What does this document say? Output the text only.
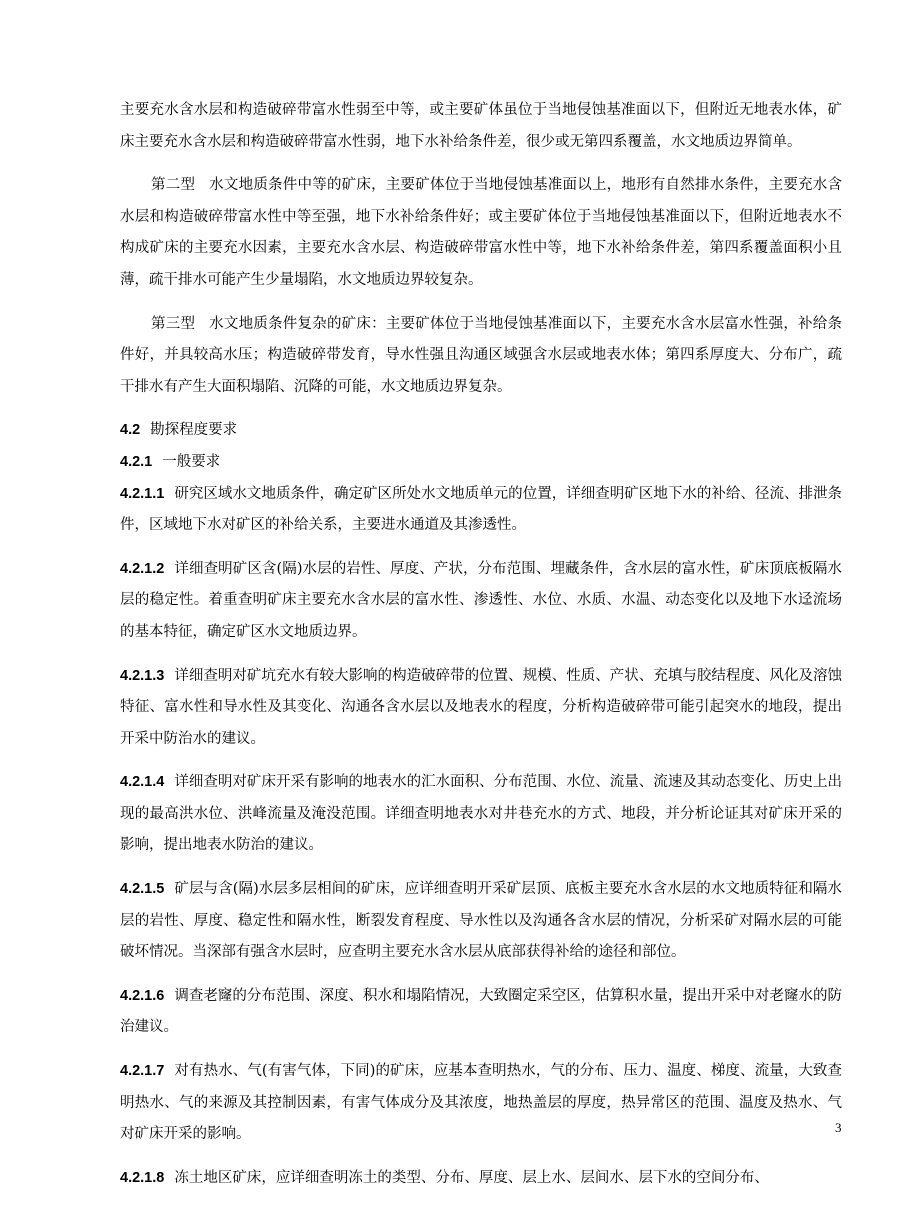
主要充水含水层和构造破碎带富水性弱至中等，或主要矿体虽位于当地侵蚀基准面以下，但附近无地表水体，矿床主要充水含水层和构造破碎带富水性弱，地下水补给条件差，很少或无第四系覆盖，水文地质边界简单。

第二型 水文地质条件中等的矿床，主要矿体位于当地侵蚀基准面以上，地形有自然排水条件，主要充水含水层和构造破碎带富水性中等至强，地下水补给条件好；或主要矿体位于当地侵蚀基准面以下，但附近地表水不构成矿床的主要充水因素，主要充水含水层、构造破碎带富水性中等，地下水补给条件差，第四系覆盖面积小且薄，疏干排水可能产生少量塌陷，水文地质边界较复杂。

第三型 水文地质条件复杂的矿床：主要矿体位于当地侵蚀基准面以下，主要充水含水层富水性强，补给条件好，并具较高水压；构造破碎带发育，导水性强且沟通区域强含水层或地表水体；第四系厚度大、分布广，疏干排水有产生大面积塌陷、沉降的可能，水文地质边界复杂。

4.2 勘探程度要求

4.2.1 一般要求

4.2.1.1 研究区域水文地质条件，确定矿区所处水文地质单元的位置，详细查明矿区地下水的补给、径流、排泄条件，区域地下水对矿区的补给关系，主要进水通道及其渗透性。

4.2.1.2 详细查明矿区含(隔)水层的岩性、厚度、产状，分布范围、埋藏条件，含水层的富水性，矿床顶底板隔水层的稳定性。着重查明矿床主要充水含水层的富水性、渗透性、水位、水质、水温、动态变化以及地下水迳流场的基本特征，确定矿区水文地质边界。

4.2.1.3 详细查明对矿坑充水有较大影响的构造破碎带的位置、规模、性质、产状、充填与胶结程度、风化及溶蚀特征、富水性和导水性及其变化、沟通各含水层以及地表水的程度，分析构造破碎带可能引起突水的地段，提出开采中防治水的建议。

4.2.1.4 详细查明对矿床开采有影响的地表水的汇水面积、分布范围、水位、流量、流速及其动态变化、历史上出现的最高洪水位、洪峰流量及淹没范围。详细查明地表水对井巷充水的方式、地段，并分析论证其对矿床开采的影响，提出地表水防治的建议。

4.2.1.5 矿层与含(隔)水层多层相间的矿床，应详细查明开采矿层顶、底板主要充水含水层的水文地质特征和隔水层的岩性、厚度、稳定性和隔水性，断裂发育程度、导水性以及沟通各含水层的情况，分析采矿对隔水层的可能破坏情况。当深部有强含水层时，应查明主要充水含水层从底部获得补给的途径和部位。

4.2.1.6 调查老窿的分布范围、深度、积水和塌陷情况，大致圈定采空区，估算积水量，提出开采中对老窿水的防治建议。

4.2.1.7 对有热水、气(有害气体，下同)的矿床，应基本查明热水，气的分布、压力、温度、梯度、流量，大致查明热水、气的来源及其控制因素，有害气体成分及其浓度，地热盖层的厚度，热异常区的范围、温度及热水、气对矿床开采的影响。

4.2.1.8 冻土地区矿床，应详细查明冻土的类型、分布、厚度、层上水、层间水、层下水的空间分布、

3
